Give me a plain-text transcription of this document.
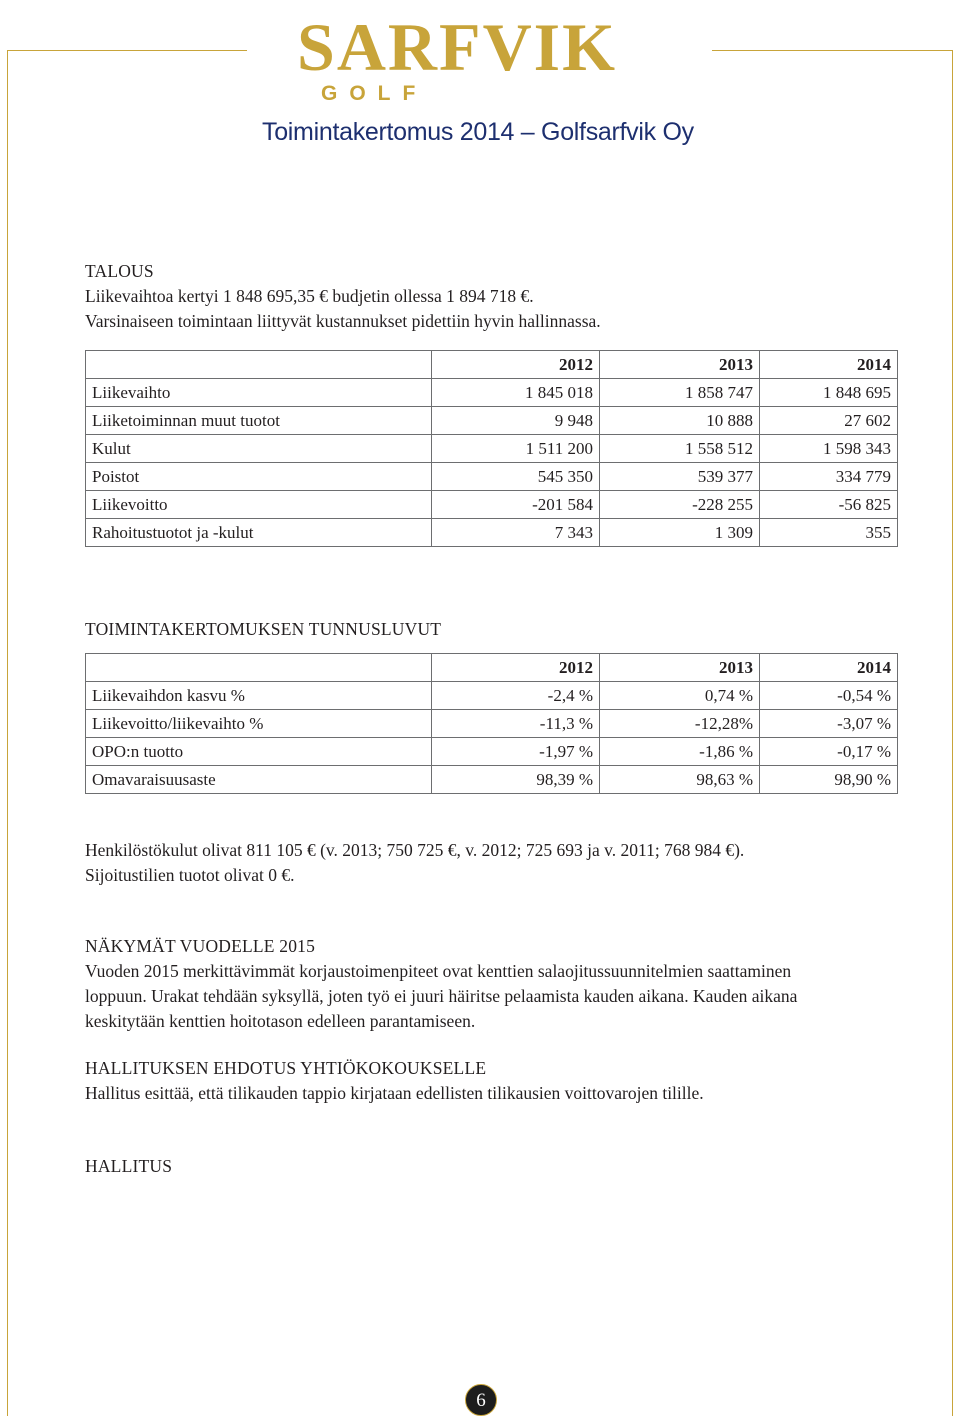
SARFVIK
GOLF
Toimintakertomus 2014 – Golfsarfvik Oy
TALOUS
Liikevaihtoa kertyi 1 848 695,35 € budjetin ollessa 1 894 718 €.
Varsinaiseen toimintaan liittyvät kustannukset pidettiin hyvin hallinnassa.
	2012	2013	2014
Liikevaihto	1 845 018	1 858 747	1 848 695
Liiketoiminnan muut tuotot	9 948	10 888	27 602
Kulut	1 511 200	1 558 512	1 598 343
Poistot	545 350	539 377	334 779
Liikevoitto	-201 584	-228 255	-56 825
Rahoitustuotot ja -kulut	7 343	1 309	355
TOIMINTAKERTOMUKSEN TUNNUSLUVUT
	2012	2013	2014
Liikevaihdon kasvu %	-2,4 %	0,74 %	-0,54 %
Liikevoitto/liikevaihto %	-11,3 %	-12,28%	-3,07 %
OPO:n tuotto	-1,97 %	-1,86 %	-0,17 %
Omavaraisuusaste	98,39 %	98,63 %	98,90 %
Henkilöstökulut olivat 811 105 € (v. 2013; 750 725 €, v. 2012; 725 693 ja v. 2011; 768 984 €).
Sijoitustilien tuotot olivat 0 €.
NÄKYMÄT VUODELLE 2015
Vuoden 2015 merkittävimmät korjaustoimenpiteet ovat kenttien salaojitussuunnitelmien saattaminen
loppuun. Urakat tehdään syksyllä, joten työ ei juuri häiritse pelaamista kauden aikana. Kauden aikana
keskitytään kenttien hoitotason edelleen parantamiseen.
HALLITUKSEN EHDOTUS YHTIÖKOKOUKSELLE
Hallitus esittää, että tilikauden tappio kirjataan edellisten tilikausien voittovarojen tilille.
HALLITUS
6
